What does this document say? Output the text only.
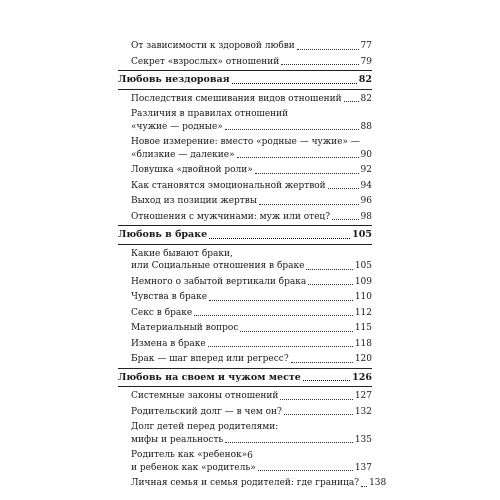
От зависимости к здоровой любви	77
Секрет «взрослых» отношений	79
Любовь нездоровая	82
Последствия смешивания видов отношений 82
Различия в правилах отношений
«чужие — родные»	88
Новое измерение: вместо «родные — чужие» —
«близкие — далекие»	90
Ловушка «двойной роли»	92
Как становятся эмоциональной жертвой	94
Выход из позиции жертвы	96
Отношения с мужчинами: муж или отец?	98
Любовь в браке	105
Какие бывают браки,
или Социальные отношения в браке	105
Немного о забытой вертикали брака	109
Чувства в браке	110
Секс в браке	112
Материальный вопрос	115
Измена в браке	118
Брак — шаг вперед или регресс?	120
Любовь на своем и чужом месте	126
Системные законы отношений	127
Родительский долг — в чем он?	132
Долг детей перед родителями:
мифы и реальность	135
Родитель как «ребенок»
и ребенок как «родитель»	137
Личная семья и семья родителей: где граница? 138
6
